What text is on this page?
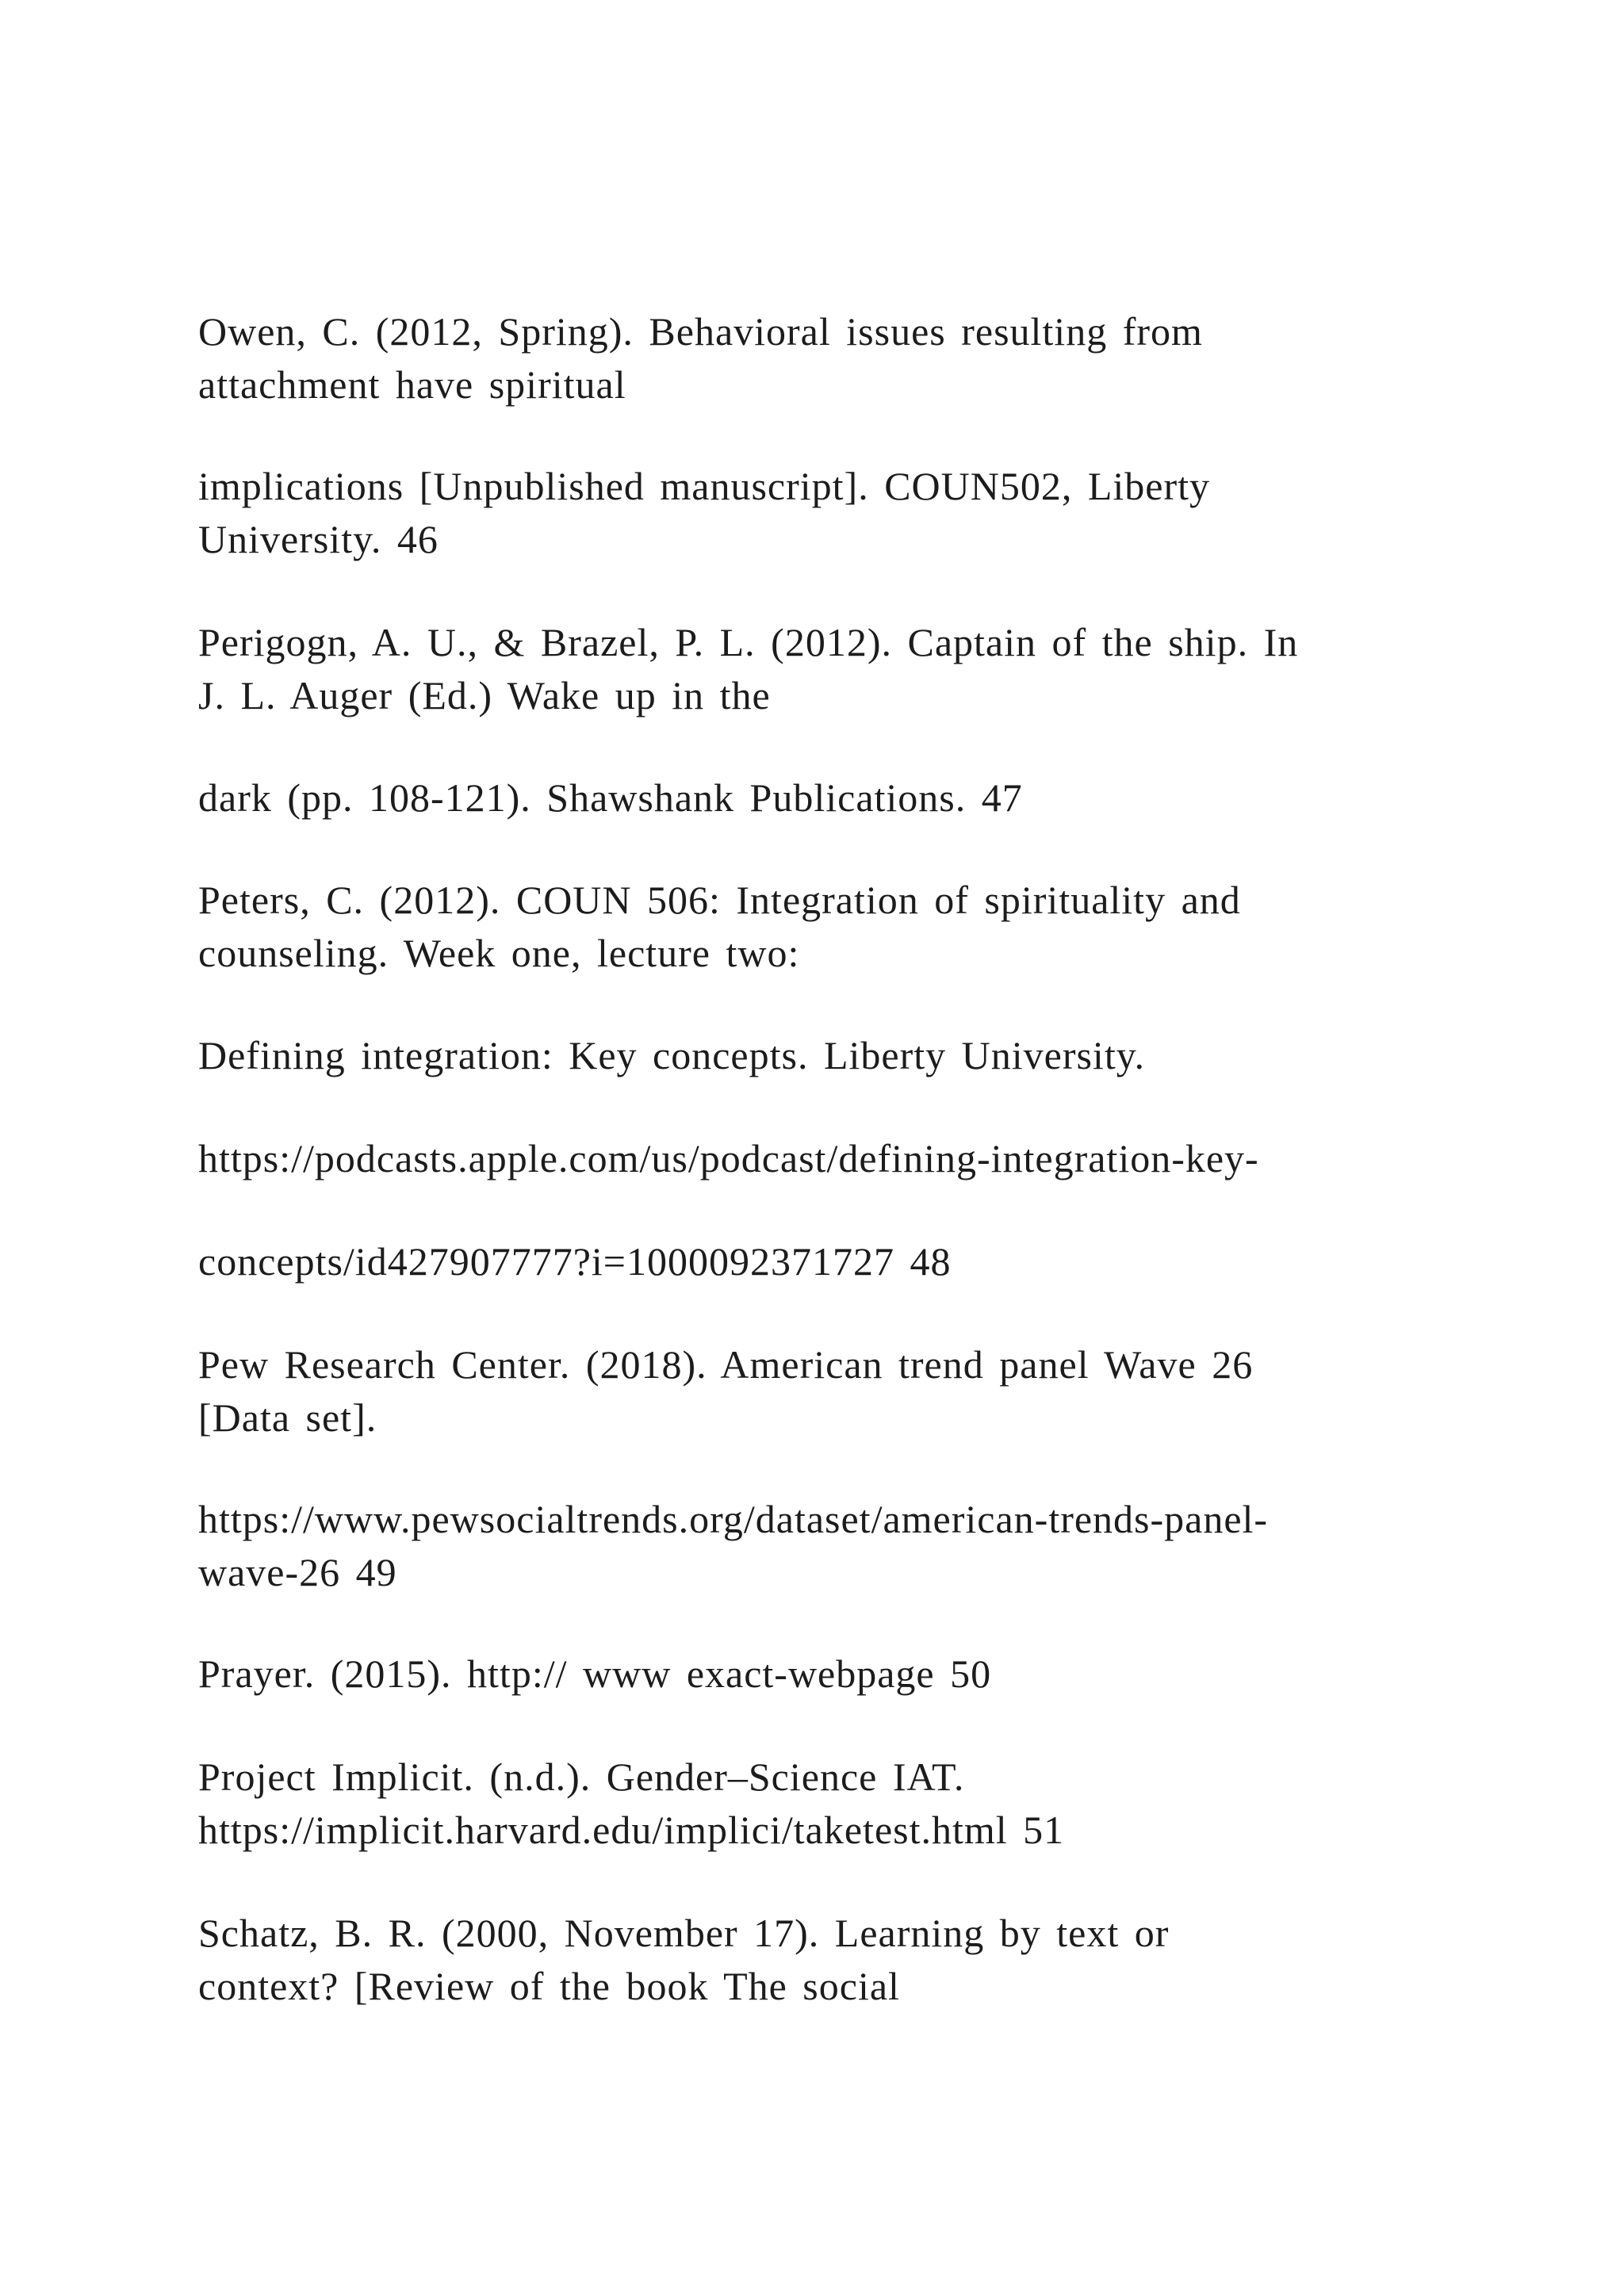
Owen, C. (2012, Spring). Behavioral issues resulting from
attachment have spiritual

implications [Unpublished manuscript]. COUN502, Liberty
University. 46

Perigogn, A. U., & Brazel, P. L. (2012). Captain of the ship. In
J. L. Auger (Ed.) Wake up in the

dark (pp. 108-121). Shawshank Publications. 47

Peters, C. (2012). COUN 506: Integration of spirituality and
counseling. Week one, lecture two:

Defining integration: Key concepts. Liberty University.

https://podcasts.apple.com/us/podcast/defining-integration-key-

concepts/id427907777?i=1000092371727 48

Pew Research Center. (2018). American trend panel Wave 26
[Data set].

https://www.pewsocialtrends.org/dataset/american-trends-panel-
wave-26 49

Prayer. (2015). http:// www exact-webpage 50

Project Implicit. (n.d.). Gender–Science IAT.
https://implicit.harvard.edu/implici/taketest.html 51

Schatz, B. R. (2000, November 17). Learning by text or
context? [Review of the book The social
